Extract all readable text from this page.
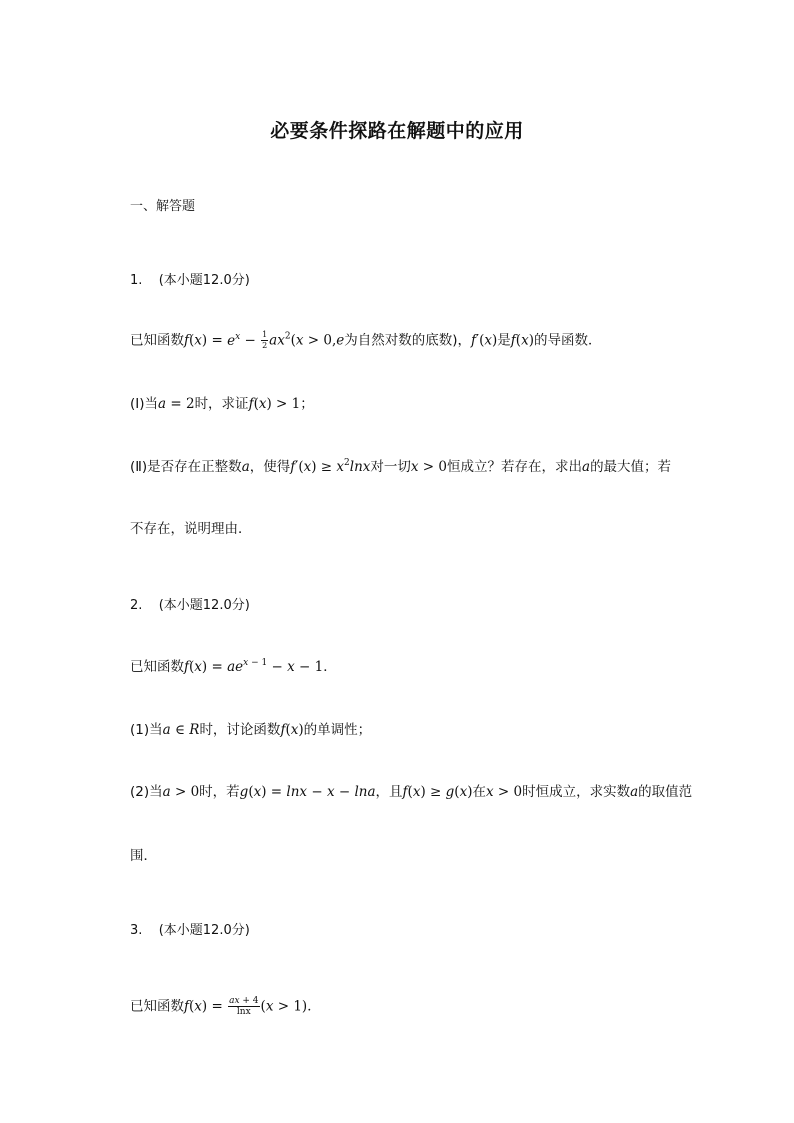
必要条件探路在解题中的应用
一、解答题
1. (本小题12.0分)
已知函数$f(x) = e^x - \frac{1}{2} ax^2(x > 0,e$为自然对数的底数)，f′(x)是f(x)的导函数．
(Ⅰ)当a = 2时，求证f(x) > 1；
(Ⅱ)是否存在正整数a，使得$f'(x) \ge x^2\ln x$对一切x > 0恒成立？若存在，求出a的最大值；若
不存在，说明理由．
2. (本小题12.0分)
已知函数$f(x) = ae^{x - 1} - x - 1$．
(1)当a ∈ R时，讨论函数f(x)的单调性；
(2)当a > 0时，若g(x) = lnx − x − lna，且f(x) ≥ g(x)在x > 0时恒成立，求实数a的取值范
围．
3. (本小题12.0分)
已知函数$f(x) = \frac{ax + 4}{\ln x} (x > 1)$．
